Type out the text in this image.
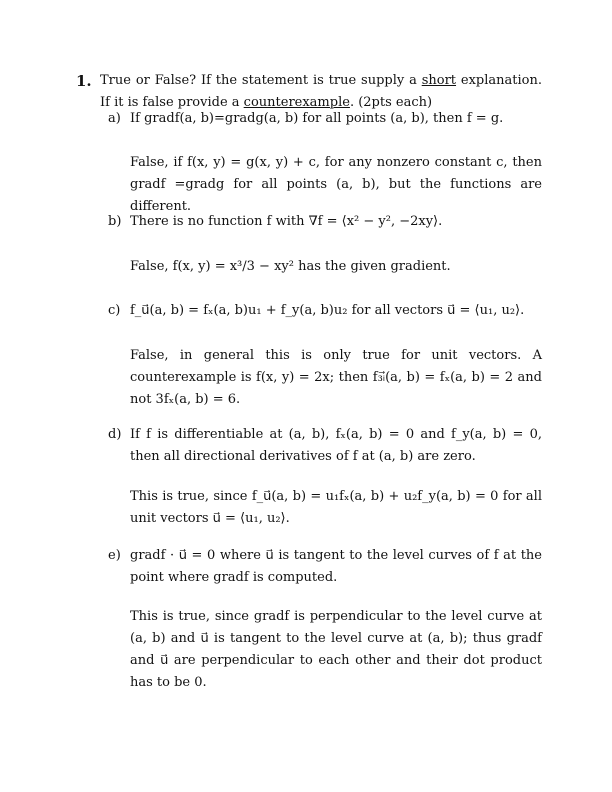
1. True or False? If the statement is true supply a short explanation. If it is false provide a counterexample. (2pts each)
a) If gradf(a, b)=gradg(a, b) for all points (a, b), then f = g.
False, if f(x, y) = g(x, y) + c, for any nonzero constant c, then gradf =gradg for all points (a, b), but the functions are different.
b) There is no function f with ∇f = ⟨x² − y², −2xy⟩.
False, f(x, y) = x³/3 − xy² has the given gradient.
c) f_u⃗(a, b) = fₓ(a, b)u₁ + f_y(a, b)u₂ for all vectors u⃗ = ⟨u₁, u₂⟩.
False, in general this is only true for unit vectors. A counterexample is f(x, y) = 2x; then f₃ᵢ⃗(a, b) = fₓ(a, b) = 2 and not 3fₓ(a, b) = 6.
d) If f is differentiable at (a, b), fₓ(a, b) = 0 and f_y(a, b) = 0, then all directional derivatives of f at (a, b) are zero.
This is true, since f_u⃗(a, b) = u₁fₓ(a, b) + u₂f_y(a, b) = 0 for all unit vectors u⃗ = ⟨u₁, u₂⟩.
e) gradf · u⃗ = 0 where u⃗ is tangent to the level curves of f at the point where gradf is computed.
This is true, since gradf is perpendicular to the level curve at (a, b) and u⃗ is tangent to the level curve at (a, b); thus gradf and u⃗ are perpendicular to each other and their dot product has to be 0.
